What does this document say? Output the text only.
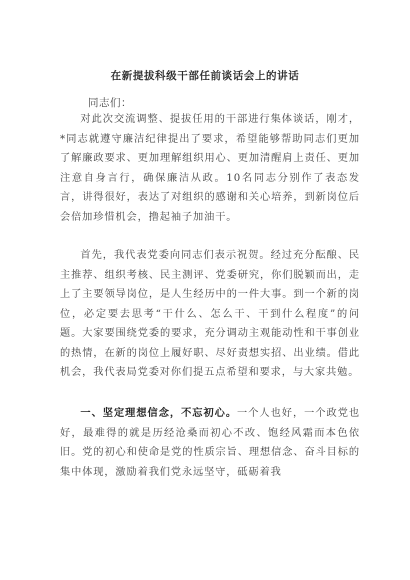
在新提拔科级干部任前谈话会上的讲话
同志们：

对此次交流调整、提拔任用的干部进行集体谈话，刚才，*同志就遵守廉洁纪律提出了要求，希望能够帮助同志们更加了解廉政要求、更加理解组织用心、更加清醒肩上责任、更加注意自身言行，确保廉洁从政。10名同志分别作了表态发言，讲得很好，表达了对组织的感谢和关心培养，到新岗位后会倍加珍惜机会，撸起袖子加油干。

首先，我代表党委向同志们表示祝贺。经过充分酝酿、民主推荐、组织考核、民主测评、党委研究，你们脱颖而出，走上了主要领导岗位，是人生经历中的一件大事。到一个新的岗位，必定要去思考“干什么、怎么干、干到什么程度”的问题。大家要围绕党委的要求，充分调动主观能动性和干事创业的热情，在新的岗位上履好职、尽好责想实招、出业绩。借此机会，我代表局党委对你们提五点希望和要求，与大家共勉。

一、坚定理想信念，不忘初心。一个人也好，一个政党也好，最难得的就是历经沧桑而初心不改、饱经风霜而本色依旧。党的初心和使命是党的性质宗旨、理想信念、奋斗目标的集中体现，激励着我们党永远坚守，砥砺着我
